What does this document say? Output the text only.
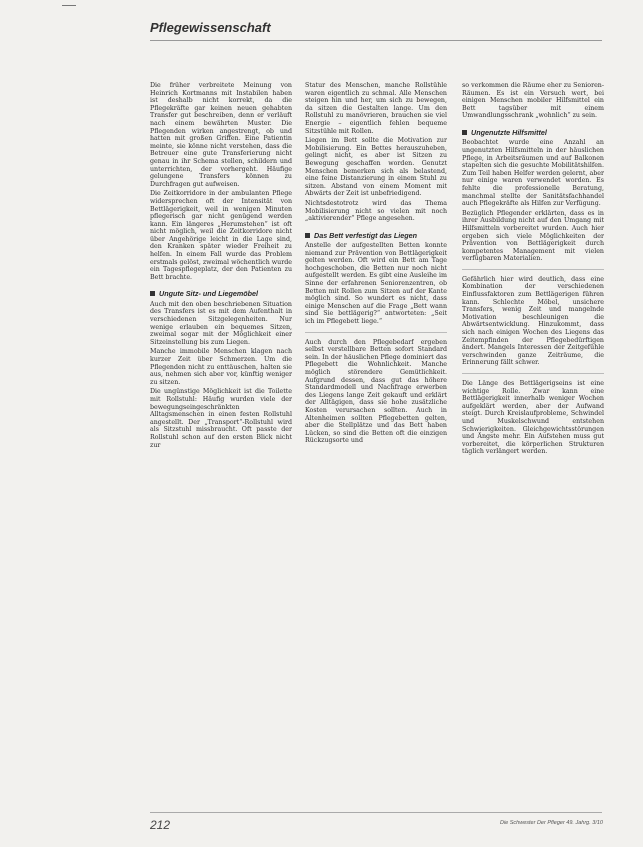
Pflegewissenschaft

Die früher verbreitete Meinung von Heinrich Kortmanns mit Instabilen haben ist deshalb nicht korrekt, da die Pflegekräfte gar keinen neuen gehabten Transfer gut beschreiben, denn er verläuft nach einem bewährten Muster. Die Pflegenden wirken angestrengt, ob und hatten mit großen Griffen. Eine Patientin meinte, sie könne nicht verstehen, dass die Betreuer eine gute Transferierung nicht genau in ihr Schema stellen, schildern und unterrichten, der vorhergeht. Häufige gelungene Transfers können zu Durchfragen gut aufweisen.

Die Zeitkorridore in der ambulanten Pflege widersprechen oft der Intensität von Bettlägerigkeit, weil in wenigen Minuten pflegerisch gar nicht genügend werden kann. Ein längeres „Herumstehen“ ist oft nicht möglich, weil die Zeitkorridore nicht über Angehörige leicht in die Lage sind, den Kranken später wieder Freiheit zu helfen. In einem Fall wurde das Problem erstmals gelöst, zweimal wöchentlich wurde ein Tagespflegeplatz, der den Patienten zu Bett brachte.

Ungute Sitz- und Liegemöbel

Auch mit den oben beschriebenen Situation des Transfers ist es mit dem Aufenthalt in verschiedenen Sitzgelegenheiten. Nur wenige erlauben ein bequemes Sitzen, zweimal sogar mit der Möglichkeit einer Sitzeinstellung bis zum Liegen.

Manche immobile Menschen klagen nach kurzer Zeit über Schmerzen. Um die Pflegenden nicht zu enttäuschen, halten sie aus, nehmen sich aber vor, künftig weniger zu sitzen.

Die ungünstige Möglichkeit ist die Toilette mit Rollstuhl: Häufig wurden viele der bewegungseingeschränkten Alltagsmenschen in einen festen Rollstuhl angestellt. Der „Transport“-Rollstuhl wird als Sitzstuhl missbraucht. Oft passte der Rollstuhl schon auf den ersten Blick nicht zur

Statur des Menschen, manche Rollstühle waren eigentlich zu schmal. Alle Menschen steigen hin und her, um sich zu bewegen, da sitzen die Gestalten lange. Um den Rollstuhl zu manövrieren, brauchen sie viel Energie – eigentlich fehlen bequeme Sitzstühle mit Rollen.

Liegen im Bett sollte die Motivation zur Mobilisierung. Ein Bettes herauszuheben, gelingt nicht, es aber ist Sitzen zu Bewegung geschaffen worden. Genutzt Menschen bemerken sich als belastend, eine feine Distanzierung in einem Stuhl zu sitzen. Abstand von einem Moment mit Abwärts der Zeit ist unbefriedigend.

Nichtsdestotrotz wird das Thema Mobilisierung nicht so vielen mit noch „aktivierender“ Pflege angesehen.

Das Bett verfestigt das Liegen

Anstelle der aufgestellten Betten konnte niemand zur Prävention von Bettlägerigkeit gelten werden. Oft wird ein Bett am Tage hochgeschoben, die Betten nur noch nicht aufgestellt werden. Es gibt eine Ausleihe im Sinne der erfahrenen Seniorenzentren, ob Betten mit Rollen zum Sitzen auf der Kante möglich sind. So wundert es nicht, dass einige Menschen auf die Frage „Bett wann sind Sie bettlägerig?“ antworteten: „Seit ich im Pflegebett liege.“

Auch durch den Pflegebedarf ergeben selbst verstellbare Betten sofort Standard sein. In der häuslichen Pflege dominiert das Pflegebett die Wohnlichkeit. Manche möglich störendere Gemütlichkeit. Aufgrund dessen, dass gut das höhere Standardmodell und Nachfrage erwerben des Liegens lange Zeit gekauft und erklärt der Alltägigen, dass sie hohe zusätzliche Kosten verursachen sollten. Auch in Altenheimen sollten Pflegebetten gelten, aber die Stellplätze und das Bett haben Lücken, so sind die Betten oft die einzigen Rückzugsorte und

so verkommen die Räume eher zu Senioren-Räumen. Es ist ein Versuch wert, bei einigen Menschen mobiler Hilfsmittel ein Bett tagsüber mit einem Umwandlungsschrank „wohnlich“ zu sein.

Ungenutzte Hilfsmittel

Beobachtet wurde eine Anzahl an ungenutzten Hilfsmitteln in der häuslichen Pflege, in Arbeitsräumen und auf Balkonen stapelten sich die gesuchte Mobilitätshilfen. Zum Teil haben Helfer werden gelernt, aber nur einige waren verwendet worden. Es fehlte die professionelle Beratung, manchmal stellte der Sanitätsfachhandel auch Pflegekräfte als Hilfen zur Verfügung.

Bezüglich Pflegender erklärten, dass es in ihrer Ausbildung nicht auf den Umgang mit Hilfsmitteln vorbereitet wurden. Auch hier ergeben sich viele Möglichkeiten der Prävention von Bettlägerigkeit durch kompetentes Management mit vielen verfügbaren Materialien.

Gefährlich hier wird deutlich, dass eine Kombination der verschiedenen Einflussfaktoren zum Bettlägerigen führen kann. Schlechte Möbel, unsichere Transfers, wenig Zeit und mangelnde Motivation beschleunigen die Abwärtsentwicklung. Hinzukommt, dass sich nach einigen Wochen des Liegens das Zeitempfinden der Pflegebedürftigen ändert. Mangels Interessen der Zeitgefühle verschwinden ganze Zeiträume, die Erinnerung fällt schwer.

Die Länge des Bettlägerigseins ist eine wichtige Rolle. Zwar kann eine Bettlägerigkeit innerhalb weniger Wochen aufgeklärt werden, aber der Aufwand steigt. Durch Kreislaufprobleme, Schwindel und Muskelschwund entstehen Schwierigkeiten. Gleichgewichtsstörungen und Ängste mehr. Ein Aufstehen muss gut vorbereitet, die körperlichen Strukturen täglich verlängert werden.

212	Die Schwester Der Pfleger 49. Jahrg. 3/10
